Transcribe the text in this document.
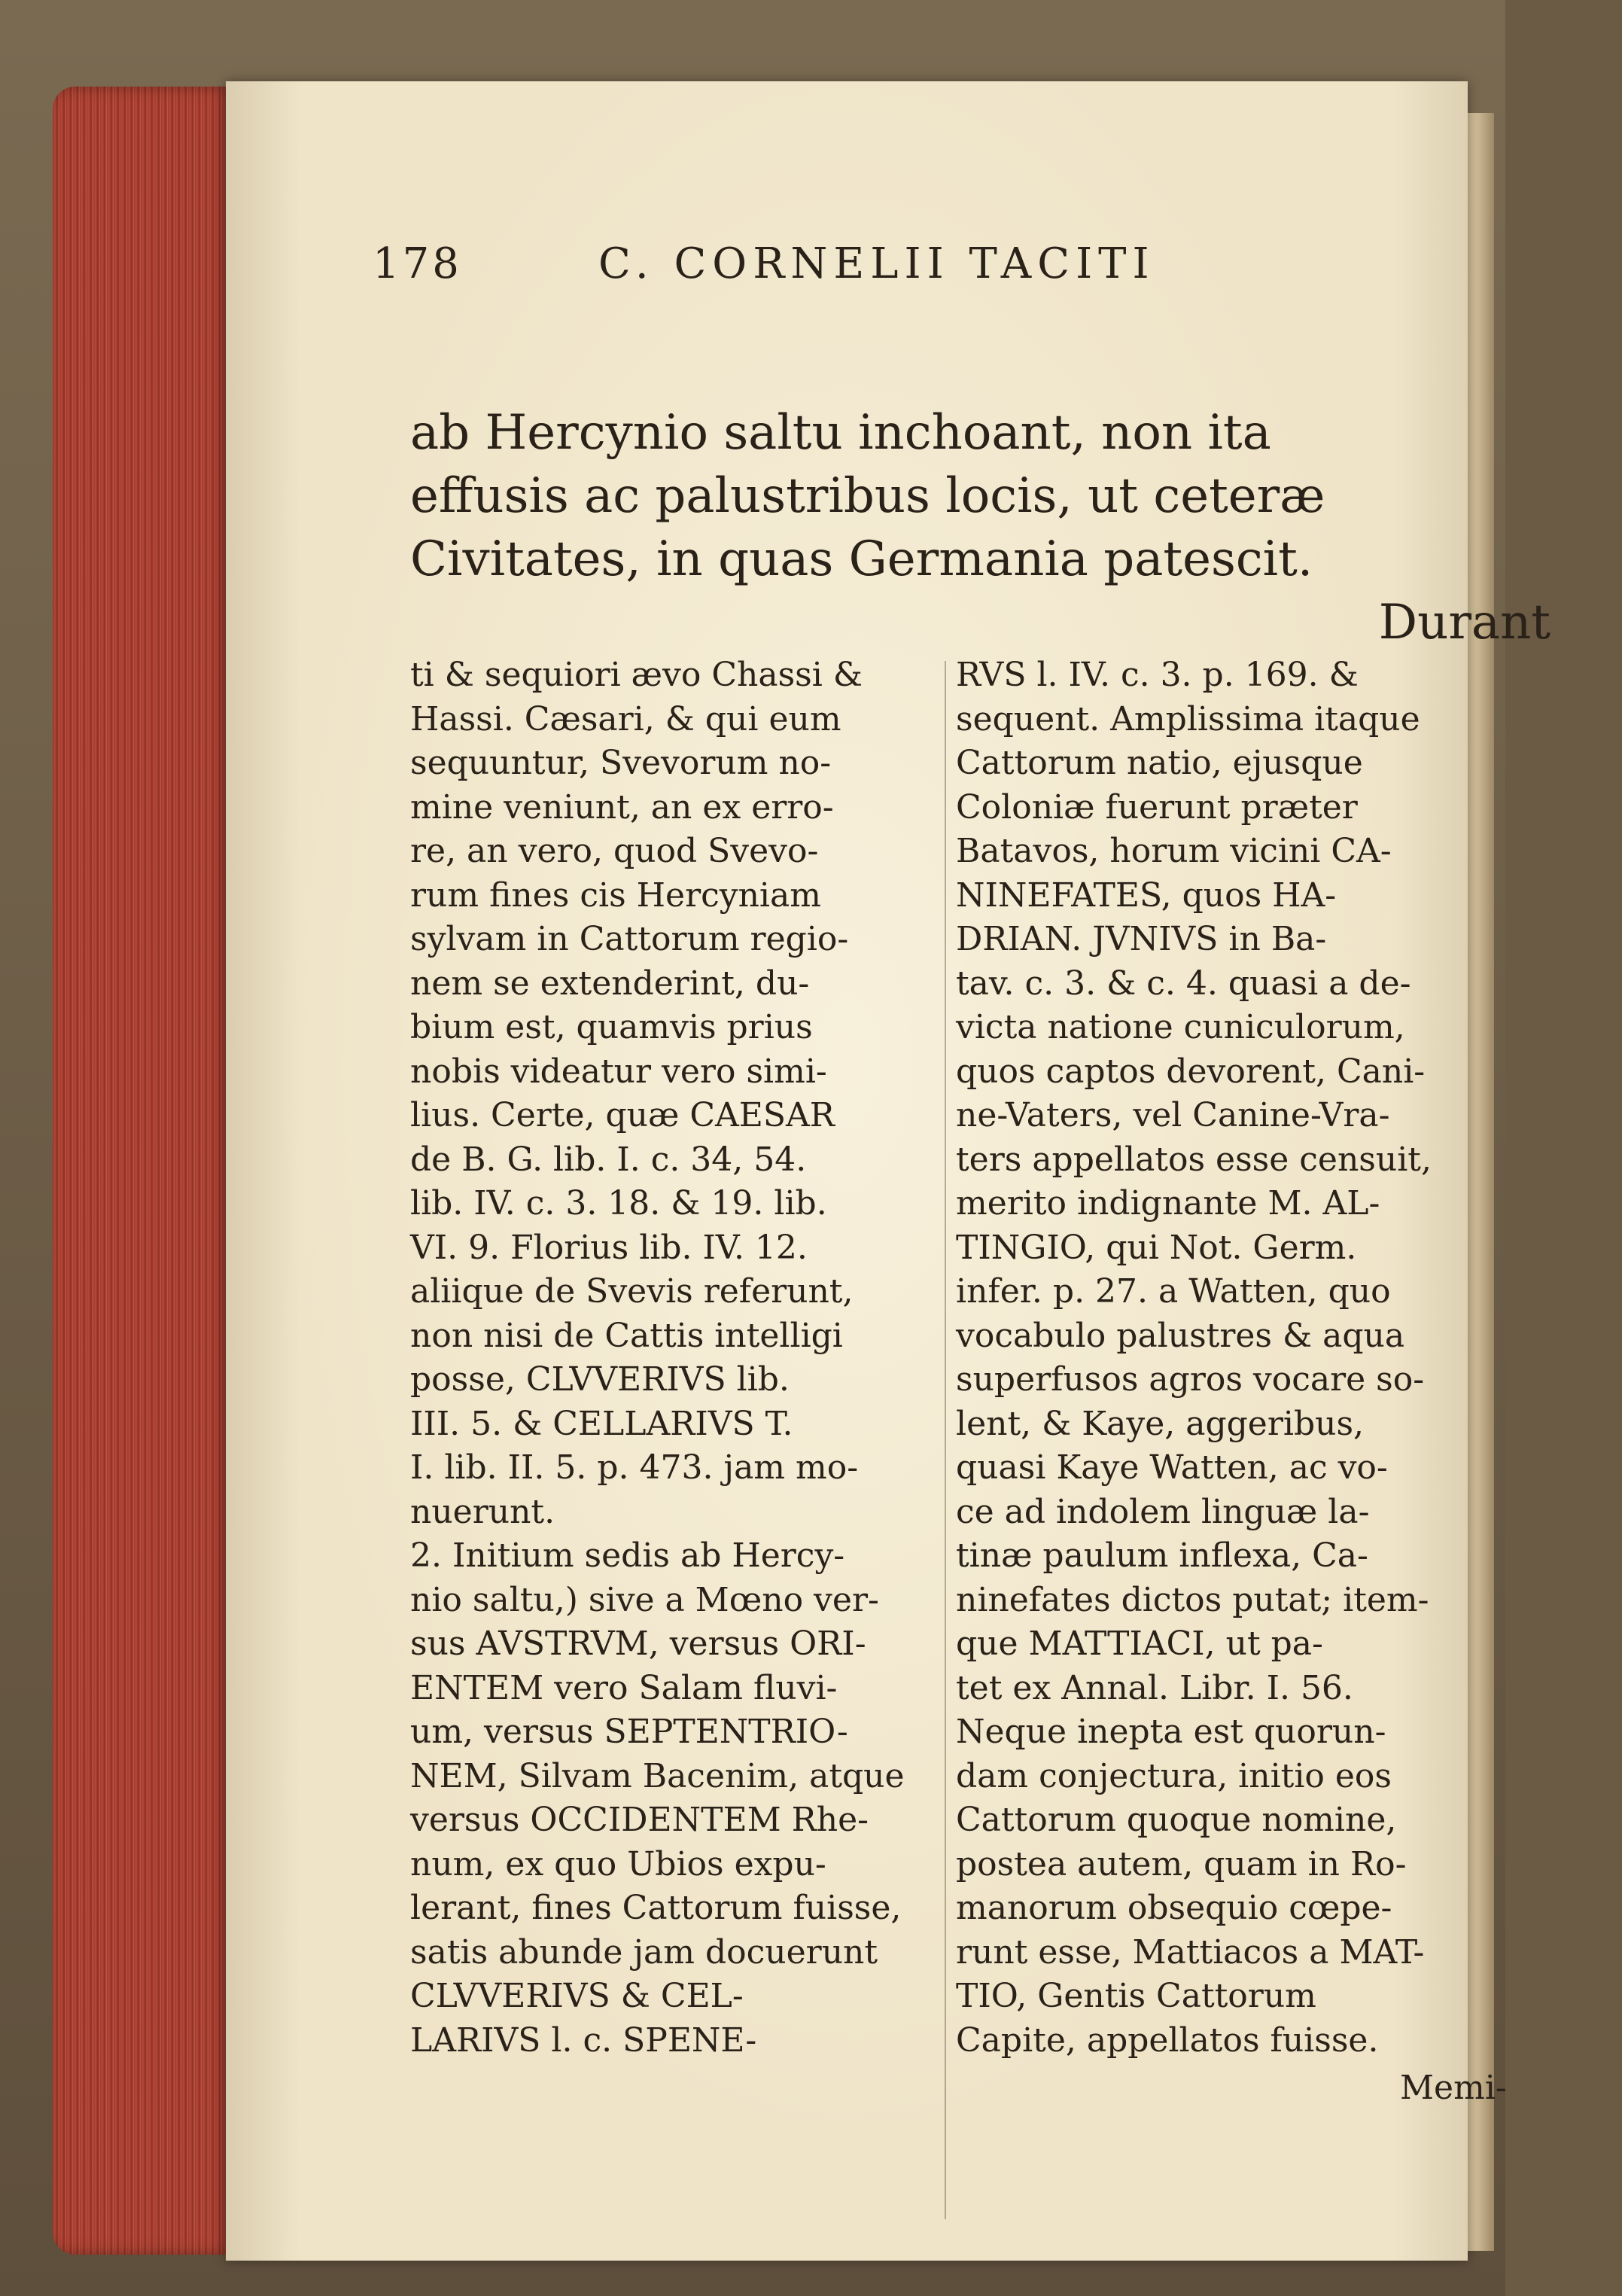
178	C. CORNELII TACITI
ab Hercynio saltu inchoant, non ita
effusis ac palustribus locis, ut ceteræ
Civitates, in quas Germania patescit.
Durant
ti & sequiori ævo Chassi &
Hassi. Cæsari, & qui eum
sequuntur, Svevorum no-
mine veniunt, an ex erro-
re, an vero, quod Svevo-
rum fines cis Hercyniam
sylvam in Cattorum regio-
nem se extenderint, du-
bium est, quamvis prius
nobis videatur vero simi-
lius. Certe, quæ CAESAR
de B. G. lib. I. c. 34, 54.
lib. IV. c. 3. 18. & 19. lib.
VI. 9. Florius lib. IV. 12.
aliique de Svevis referunt,
non nisi de Cattis intelligi
posse, CLVVERIVS lib.
III. 5. & CELLARIVS T.
I. lib. II. 5. p. 473. jam mo-
nuerunt.
2. Initium sedis ab Hercy-
nio saltu,) sive a Mœno ver-
sus AVSTRVM, versus ORI-
ENTEM vero Salam fluvi-
um, versus SEPTENTRIO-
NEM, Silvam Bacenim, atque
versus OCCIDENTEM Rhe-
num, ex quo Ubios expu-
lerant, fines Cattorum fuisse,
satis abunde jam docuerunt
CLVVERIVS & CEL-
LARIVS l. c. SPENE-
RVS l. IV. c. 3. p. 169. &
sequent. Amplissima itaque
Cattorum natio, ejusque
Coloniæ fuerunt præter
Batavos, horum vicini CA-
NINEFATES, quos HA-
DRIAN. JVNIVS in Ba-
tav. c. 3. & c. 4. quasi a de-
victa natione cuniculorum,
quos captos devorent, Cani-
ne-Vaters, vel Canine-Vra-
ters appellatos esse censuit,
merito indignante M. AL-
TINGIO, qui Not. Germ.
infer. p. 27. a Watten, quo
vocabulo palustres & aqua
superfusos agros vocare so-
lent, & Kaye, aggeribus,
quasi Kaye Watten, ac vo-
ce ad indolem linguæ la-
tinæ paulum inflexa, Ca-
ninefates dictos putat; item-
que MATTIACI, ut pa-
tet ex Annal. Libr. I. 56.
Neque inepta est quorun-
dam conjectura, initio eos
Cattorum quoque nomine,
postea autem, quam in Ro-
manorum obsequio cœpe-
runt esse, Mattiacos a MAT-
TIO, Gentis Cattorum
Capite, appellatos fuisse.
Memi-
